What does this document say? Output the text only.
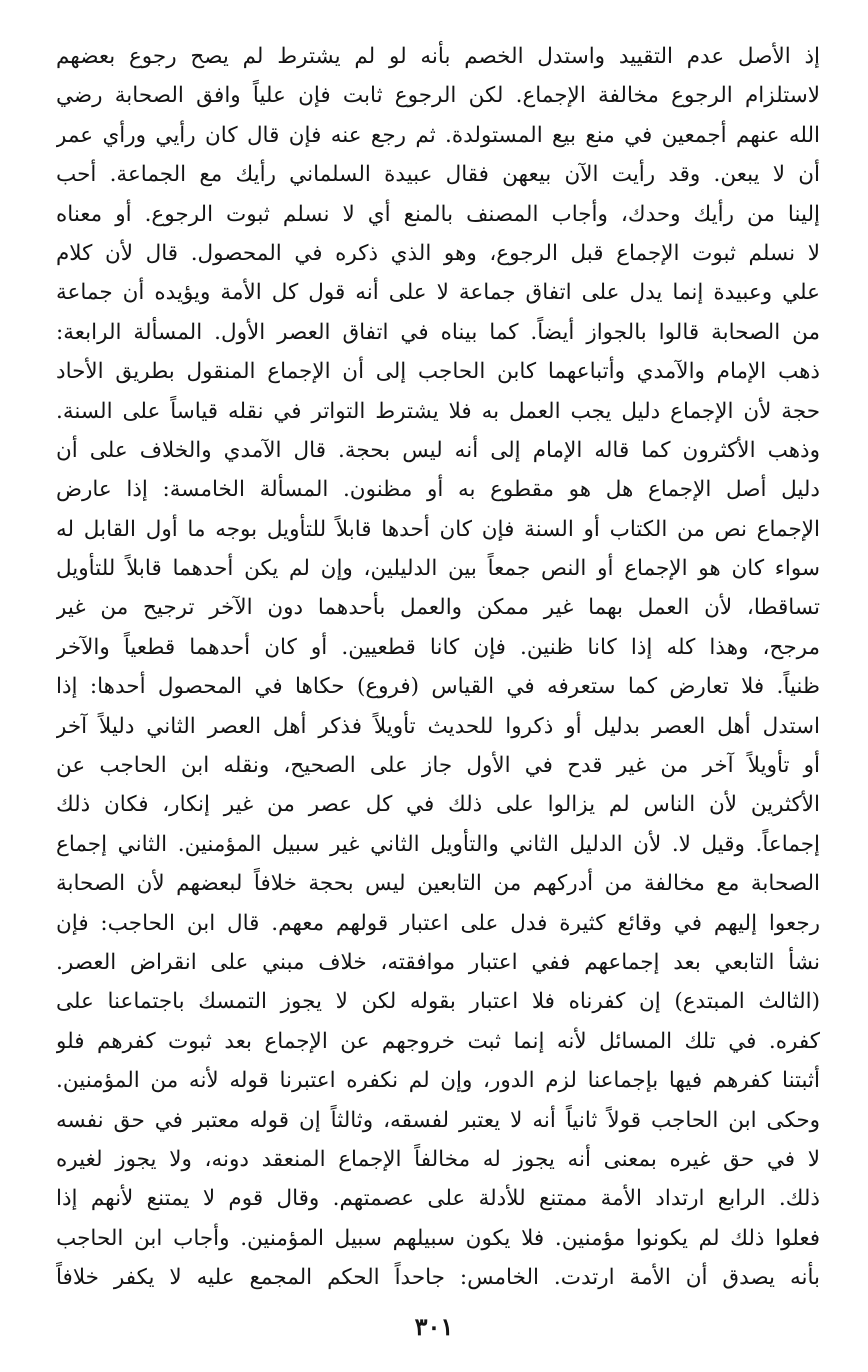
إذ الأصل عدم التقييد واستدل الخصم بأنه لو لم يشترط لم يصح رجوع بعضهم
لاستلزام الرجوع مخالفة الإجماع. لكن الرجوع ثابت فإن علياً وافق الصحابة رضي
الله عنهم أجمعين في منع بيع المستولدة. ثم رجع عنه فإن قال كان رأيي ورأي عمر
أن لا يبعن. وقد رأيت الآن بيعهن فقال عبيدة السلماني رأيك مع الجماعة. أحب
إلينا من رأيك وحدك، وأجاب المصنف بالمنع أي لا نسلم ثبوت الرجوع. أو معناه
لا نسلم ثبوت الإجماع قبل الرجوع، وهو الذي ذكره في المحصول. قال لأن كلام
علي وعبيدة إنما يدل على اتفاق جماعة لا على أنه قول كل الأمة ويؤيده أن جماعة
من الصحابة قالوا بالجواز أيضاً. كما بيناه في اتفاق العصر الأول. المسألة الرابعة:
ذهب الإمام والآمدي وأتباعهما كابن الحاجب إلى أن الإجماع المنقول بطريق الأحاد
حجة لأن الإجماع دليل يجب العمل به فلا يشترط التواتر في نقله قياساً على السنة.
وذهب الأكثرون كما قاله الإمام إلى أنه ليس بحجة. قال الآمدي والخلاف على أن
دليل أصل الإجماع هل هو مقطوع به أو مظنون. المسألة الخامسة: إذا عارض
الإجماع نص من الكتاب أو السنة فإن كان أحدها قابلاً للتأويل بوجه ما أول القابل له
سواء كان هو الإجماع أو النص جمعاً بين الدليلين، وإن لم يكن أحدهما قابلاً للتأويل
تساقطا، لأن العمل بهما غير ممكن والعمل بأحدهما دون الآخر ترجيح من غير
مرجح، وهذا كله إذا كانا ظنين. فإن كانا قطعيين. أو كان أحدهما قطعياً والآخر
ظنياً. فلا تعارض كما ستعرفه في القياس (فروع) حكاها في المحصول أحدها: إذا
استدل أهل العصر بدليل أو ذكروا للحديث تأويلاً فذكر أهل العصر الثاني دليلاً آخر
أو تأويلاً آخر من غير قدح في الأول جاز على الصحيح، ونقله ابن الحاجب عن
الأكثرين لأن الناس لم يزالوا على ذلك في كل عصر من غير إنكار، فكان ذلك
إجماعاً. وقيل لا. لأن الدليل الثاني والتأويل الثاني غير سبيل المؤمنين. الثاني إجماع
الصحابة مع مخالفة من أدركهم من التابعين ليس بحجة خلافاً لبعضهم لأن الصحابة
رجعوا إليهم في وقائع كثيرة فدل على اعتبار قولهم معهم. قال ابن الحاجب: فإن
نشأ التابعي بعد إجماعهم ففي اعتبار موافقته، خلاف مبني على انقراض العصر.
(الثالث المبتدع) إن كفرناه فلا اعتبار بقوله لكن لا يجوز التمسك باجتماعنا على
كفره. في تلك المسائل لأنه إنما ثبت خروجهم عن الإجماع بعد ثبوت كفرهم فلو
أثبتنا كفرهم فيها بإجماعنا لزم الدور، وإن لم نكفره اعتبرنا قوله لأنه من المؤمنين.
وحكى ابن الحاجب قولاً ثانياً أنه لا يعتبر لفسقه، وثالثاً إن قوله معتبر في حق نفسه
لا في حق غيره بمعنى أنه يجوز له مخالفاً الإجماع المنعقد دونه، ولا يجوز لغيره
ذلك. الرابع ارتداد الأمة ممتنع للأدلة على عصمتهم. وقال قوم لا يمتنع لأنهم إذا
فعلوا ذلك لم يكونوا مؤمنين. فلا يكون سبيلهم سبيل المؤمنين. وأجاب ابن الحاجب
بأنه يصدق أن الأمة ارتدت. الخامس: جاحداً الحكم المجمع عليه لا يكفر خلافاً
٣٠١
